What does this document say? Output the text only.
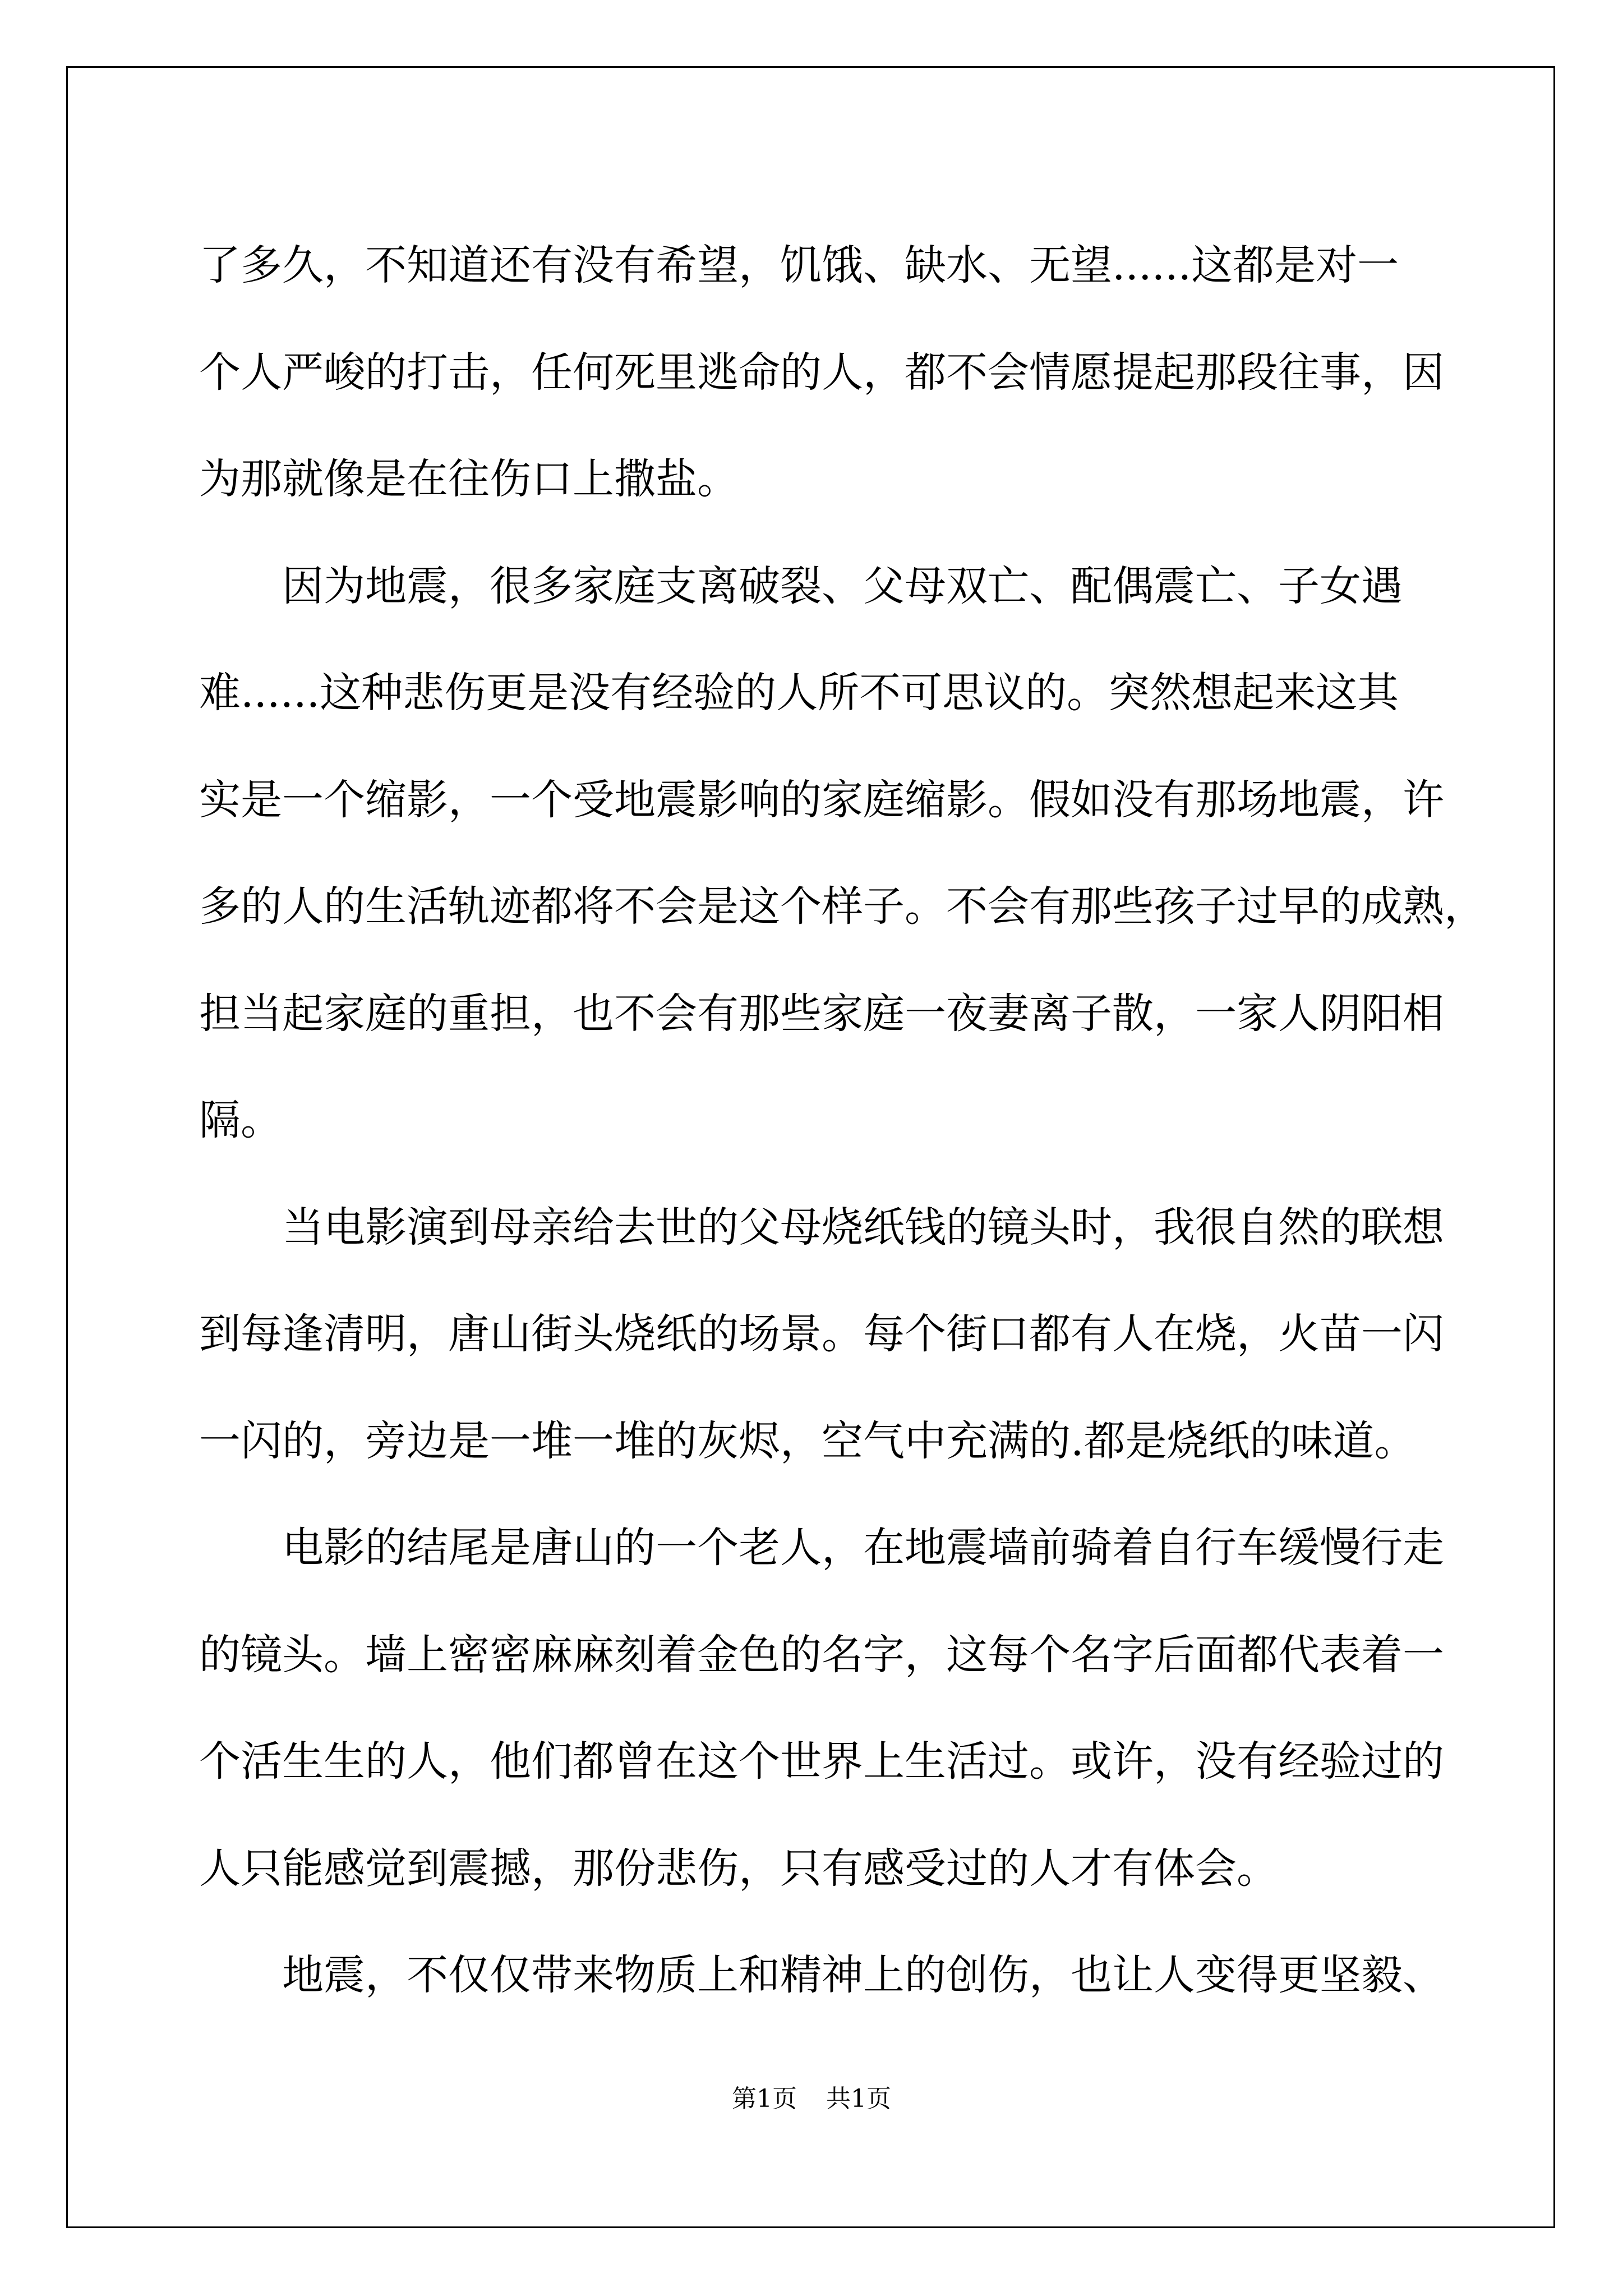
了多久，不知道还有没有希望，饥饿、缺水、无望......这都是对一

个人严峻的打击，任何死里逃命的人，都不会情愿提起那段往事，因

为那就像是在往伤口上撒盐。

因为地震，很多家庭支离破裂、父母双亡、配偶震亡、子女遇

难......这种悲伤更是没有经验的人所不可思议的。突然想起来这其

实是一个缩影，一个受地震影响的家庭缩影。假如没有那场地震，许

多的人的生活轨迹都将不会是这个样子。不会有那些孩子过早的成熟，

担当起家庭的重担，也不会有那些家庭一夜妻离子散，一家人阴阳相

隔。

当电影演到母亲给去世的父母烧纸钱的镜头时，我很自然的联想

到每逢清明，唐山街头烧纸的场景。每个街口都有人在烧，火苗一闪

一闪的，旁边是一堆一堆的灰烬，空气中充满的.都是烧纸的味道。

电影的结尾是唐山的一个老人，在地震墙前骑着自行车缓慢行走

的镜头。墙上密密麻麻刻着金色的名字，这每个名字后面都代表着一

个活生生的人，他们都曾在这个世界上生活过。或许，没有经验过的

人只能感觉到震撼，那份悲伤，只有感受过的人才有体会。

地震，不仅仅带来物质上和精神上的创伤，也让人变得更坚毅、

第1页 共1页
